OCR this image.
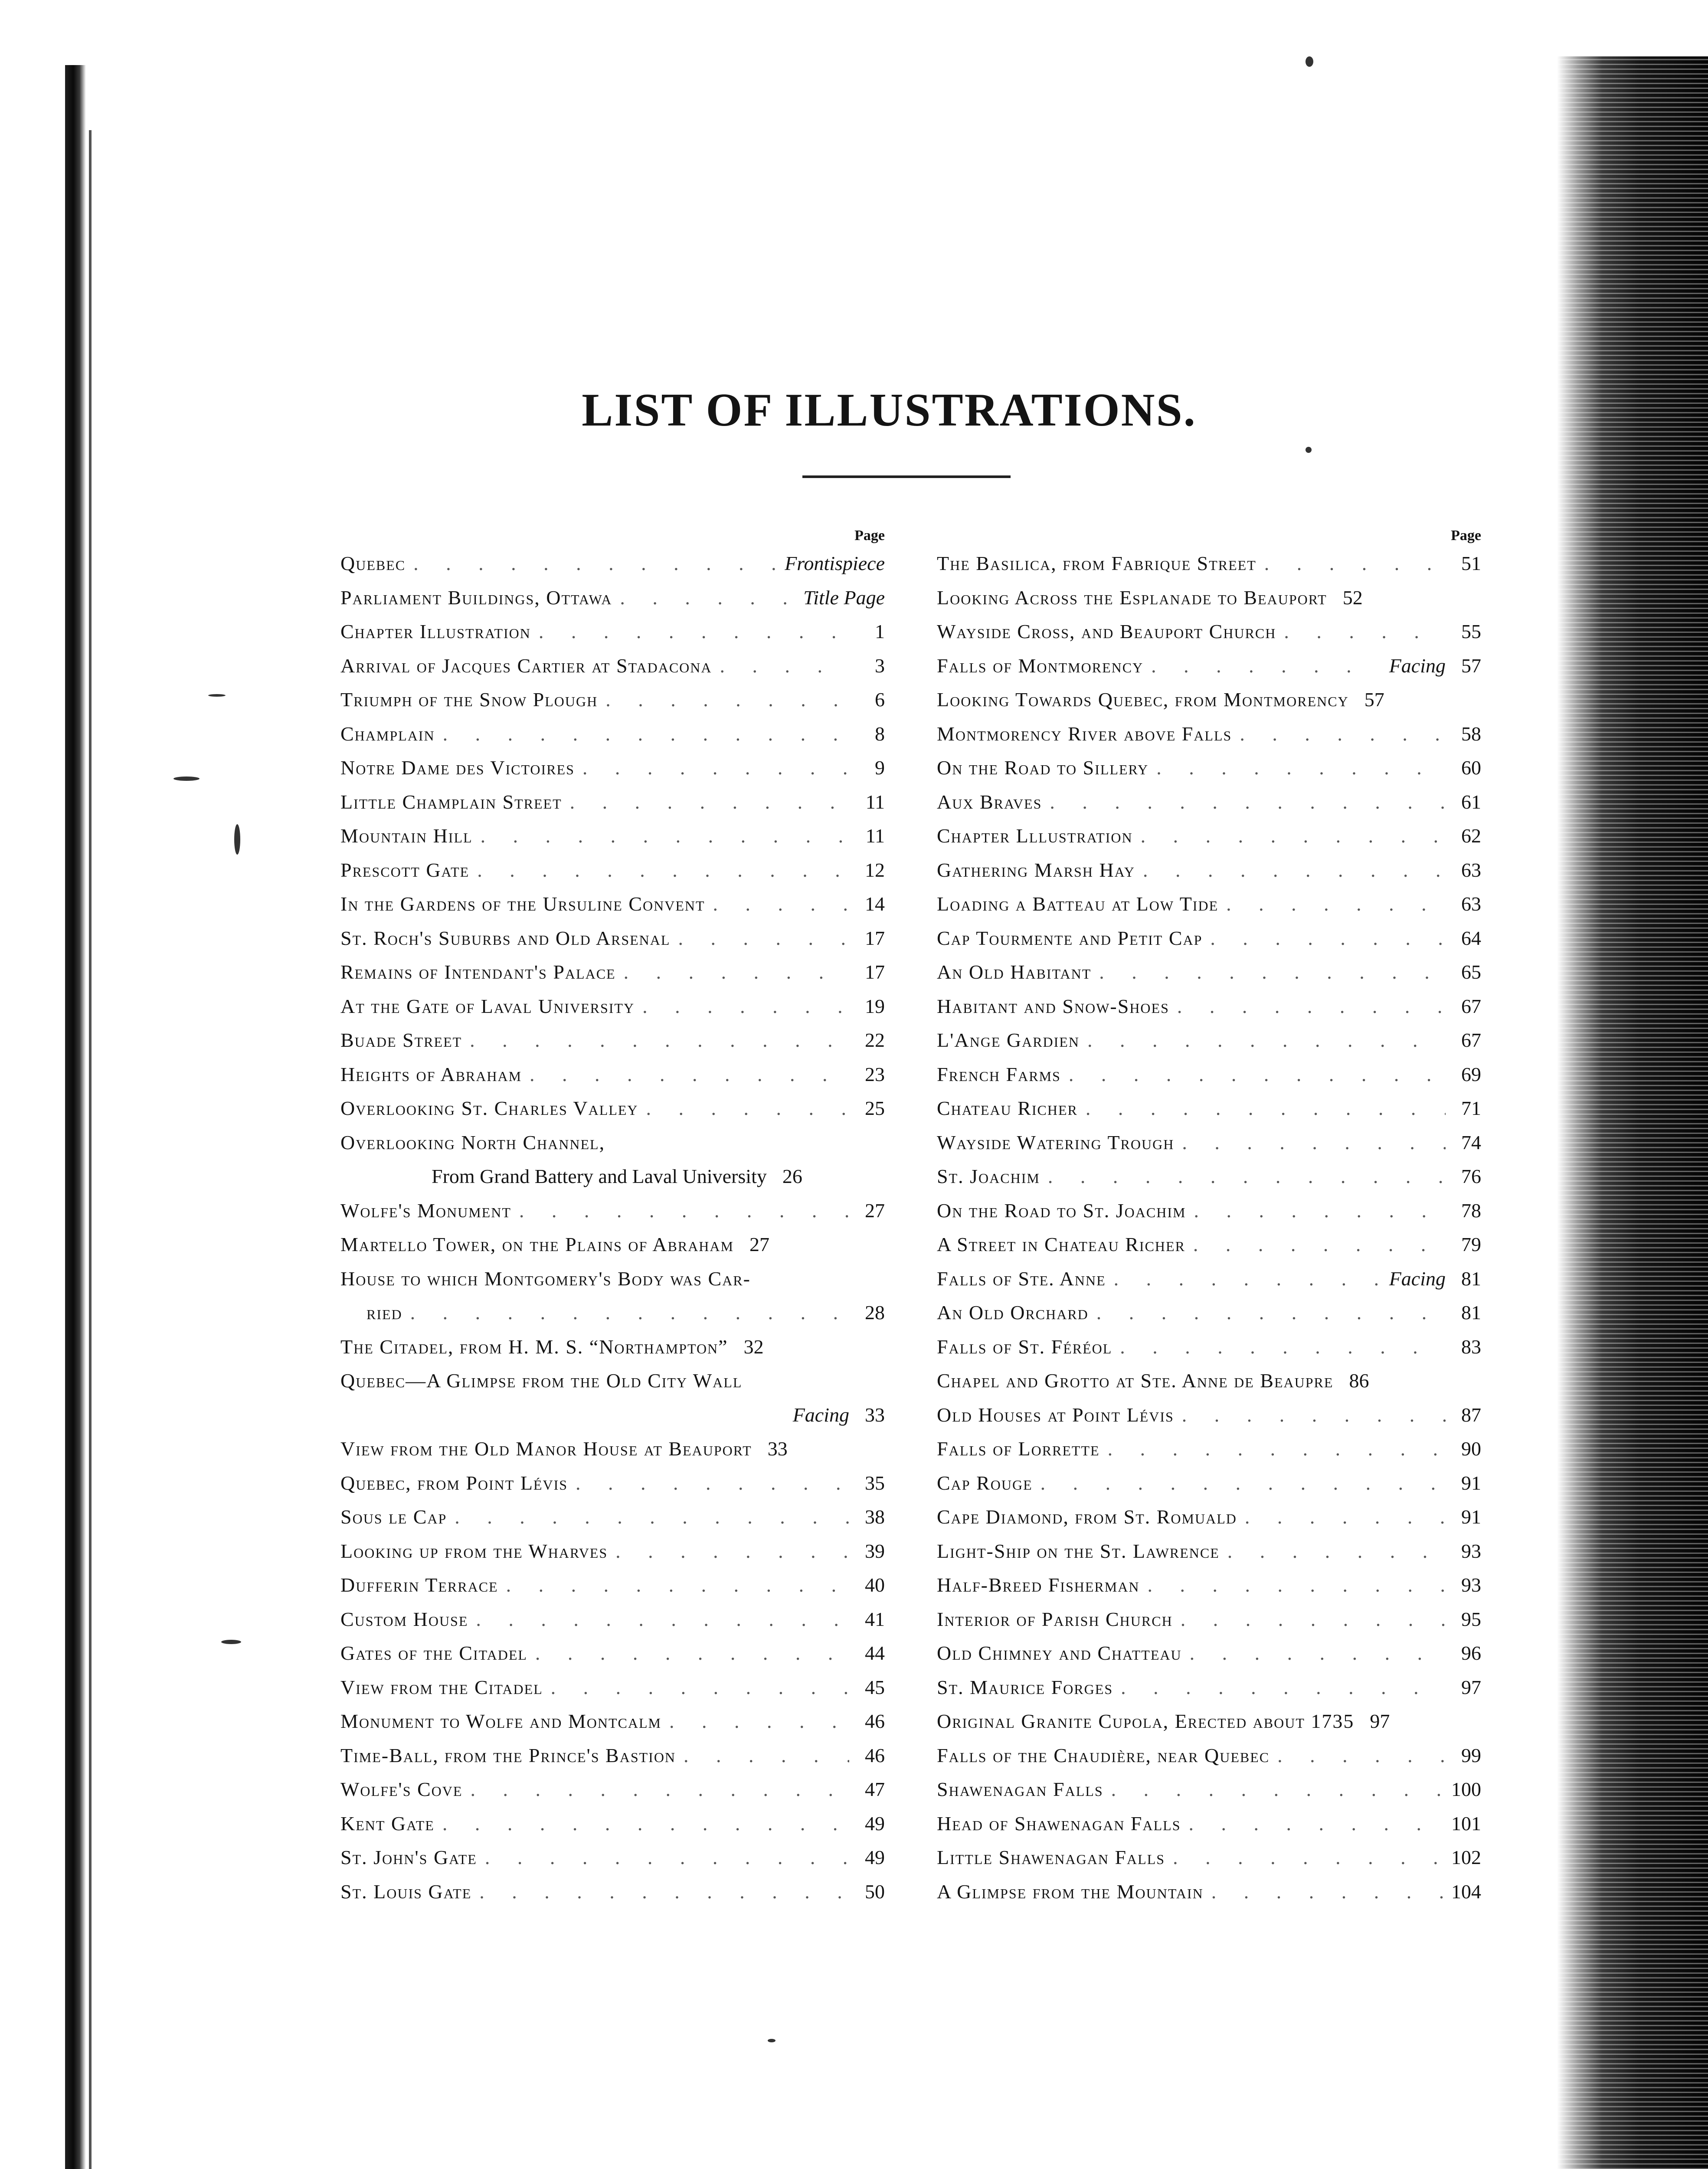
LIST OF ILLUSTRATIONS.
Page
Quebec . . .	Frontispiece
Parliament Buildings, Ottawa . . .	Title Page
Chapter Illustration . . .	1
Arrival of Jacques Cartier at Stadacona . . .	3
Triumph of the Snow Plough . . .	6
Champlain . . .	8
Notre Dame des Victoires . . .	9
Little Champlain Street . . .	11
Mountain Hill . . .	11
Prescott Gate . . .	12
In the Gardens of the Ursuline Convent . . .	14
St. Roch's Suburbs and Old Arsenal . . .	17
Remains of Intendant's Palace . . .	17
At the Gate of Laval University . . .	19
Buade Street . . .	22
Heights of Abraham . . .	23
Overlooking St. Charles Valley . . .	25
Overlooking North Channel,
From Grand Battery and Laval University 26
Wolfe's Monument . . .	27
Martello Tower, on the Plains of Abraham 27
House to which Montgomery's Body was Car-
ried . . .	28
The Citadel, from H. M. S. “Northampton” 32
Quebec—A Glimpse from the Old City Wall
Facing 33
View from the Old Manor House at Beauport 33
Quebec, from Point Lévis . . .	35
Sous le Cap . . .	38
Looking up from the Wharves . . .	39
Dufferin Terrace . . .	40
Custom House . . .	41
Gates of the Citadel . . .	44
View from the Citadel . . .	45
Monument to Wolfe and Montcalm . . .	46
Time-Ball, from the Prince's Bastion . . .	46
Wolfe's Cove . . .	47
Kent Gate . . .	49
St. John's Gate . . .	49
St. Louis Gate . . .	50
Page
The Basilica, from Fabrique Street . . .	51
Looking Across the Esplanade to Beauport 52
Wayside Cross, and Beauport Church . . .	55
Falls of Montmorency . . .	Facing 57
Looking Towards Quebec, from Montmorency 57
Montmorency River above Falls . . .	58
On the Road to Sillery . . .	60
Aux Braves . . .	61
Chapter Lllustration . . .	62
Gathering Marsh Hay . . .	63
Loading a Batteau at Low Tide . . .	63
Cap Tourmente and Petit Cap . . .	64
An Old Habitant . . .	65
Habitant and Snow-Shoes . . .	67
L'Ange Gardien . . .	67
French Farms . . .	69
Chateau Richer . . .	71
Wayside Watering Trough . . .	74
St. Joachim . . .	76
On the Road to St. Joachim . . .	78
A Street in Chateau Richer . . .	79
Falls of Ste. Anne . . .	Facing 81
An Old Orchard . . .	81
Falls of St. Féréol . . .	83
Chapel and Grotto at Ste. Anne de Beaupre 86
Old Houses at Point Lévis . . .	87
Falls of Lorrette . . .	90
Cap Rouge . . .	91
Cape Diamond, from St. Romuald . . .	91
Light-Ship on the St. Lawrence . . .	93
Half-Breed Fisherman . . .	93
Interior of Parish Church . . .	95
Old Chimney and Chatteau . . .	96
St. Maurice Forges . . .	97
Original Granite Cupola, Erected about 1735 97
Falls of the Chaudière, near Quebec . . .	99
Shawenagan Falls . . .	100
Head of Shawenagan Falls . . .	101
Little Shawenagan Falls . . .	102
A Glimpse from the Mountain . . .	104
